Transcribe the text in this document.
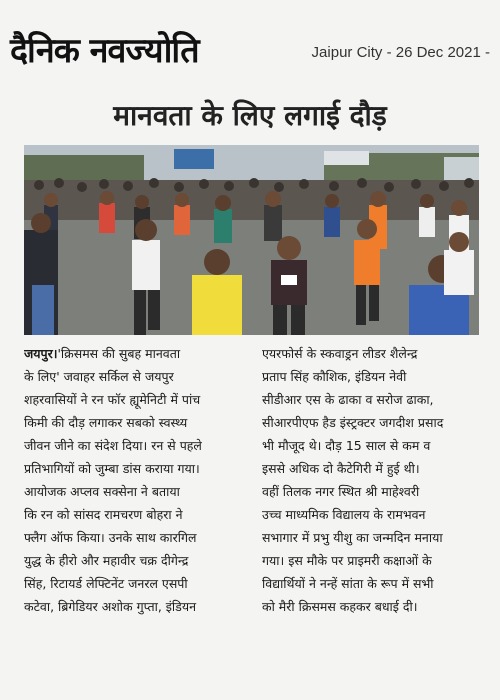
दैनिक नवज्योति	Jaipur City - 26 Dec 2021 -
मानवता के लिए लगाई दौड़
जयपुर।'क्रिसमस की सुबह मानवता
के लिए' जवाहर सर्किल से जयपुर
शहरवासियों ने रन फॉर ह्यूमेनिटी में पांच
किमी की दौड़ लगाकर सबको स्वस्थ्य
जीवन जीने का संदेश दिया। रन से पहले
प्रतिभागियों को जुम्बा डांस कराया गया।
आयोजक अप्लव सक्सेना ने बताया
कि रन को सांसद रामचरण बोहरा ने
फ्लैग ऑफ किया। उनके साथ कारगिल
युद्ध के हीरो और महावीर चक्र दीगेन्द्र
सिंह, रिटायर्ड लेफ्टिनेंट जनरल एसपी
कटेवा, ब्रिगेडियर अशोक गुप्ता, इंडियन
एयरफोर्स के स्कवाड्रन लीडर शैलेन्द्र
प्रताप सिंह कौशिक, इंडियन नेवी
सीडीआर एस के ढाका व सरोज ढाका,
सीआरपीएफ हैड इंस्ट्रक्टर जगदीश प्रसाद
भी मौजूद थे। दौड़ 15 साल से कम व
इससे अधिक दो कैटेगिरी में हुई थी।
वहीं तिलक नगर स्थित श्री माहेश्वरी
उच्च माध्यमिक विद्यालय के रामभवन
सभागार में प्रभु यीशु का जन्मदिन मनाया
गया। इस मौके पर प्राइमरी कक्षाओं के
विद्यार्थियों ने नन्हें सांता के रूप में सभी
को मैरी क्रिसमस कहकर बधाई दी।
